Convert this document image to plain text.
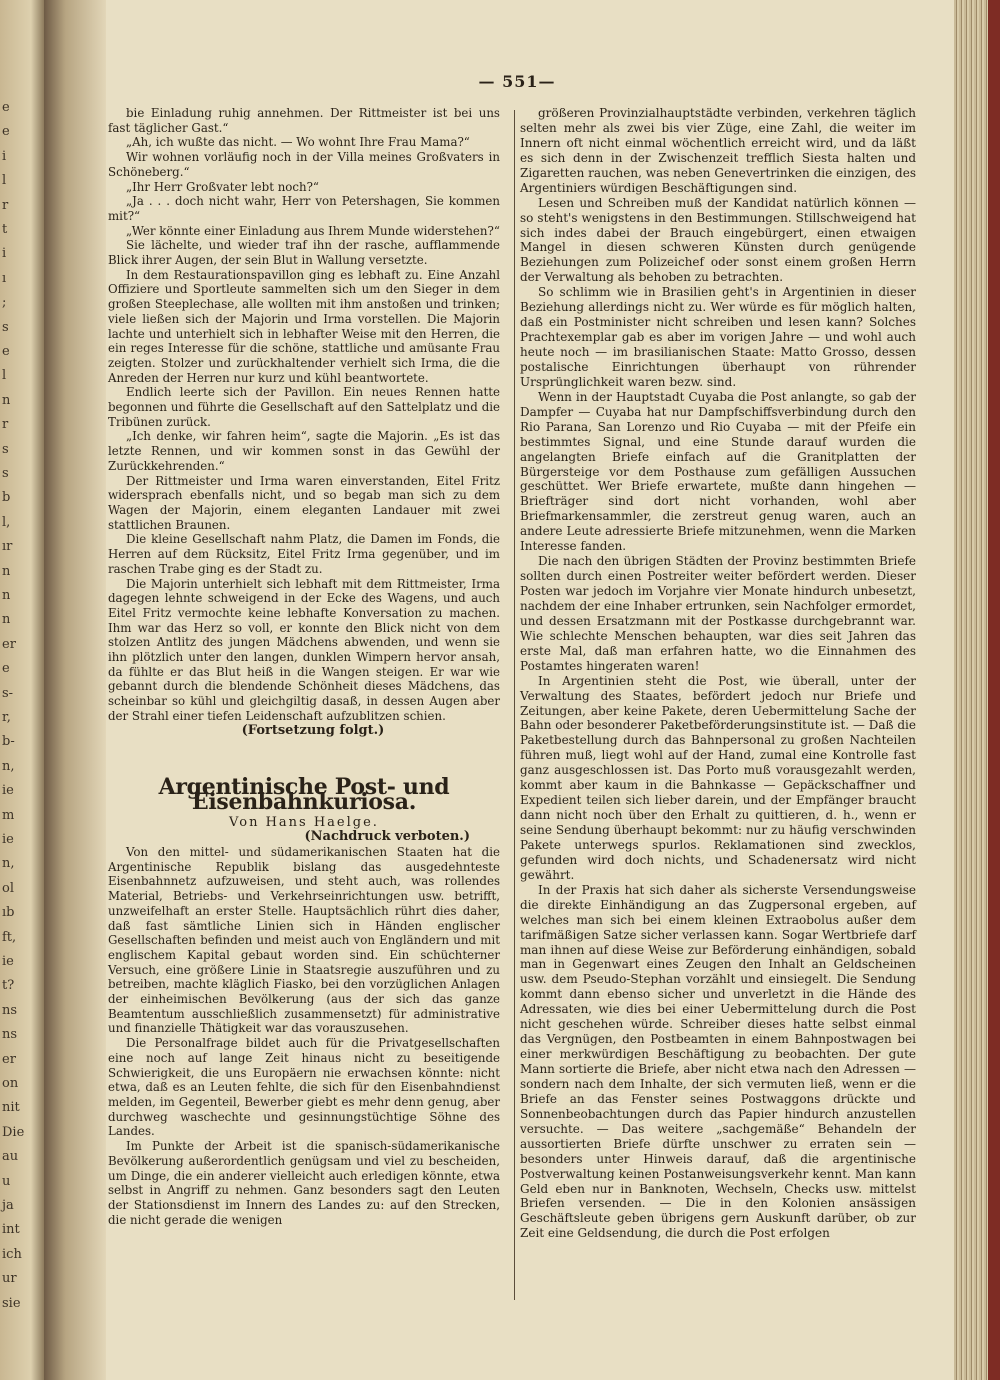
e
e
i
l
r
t
i
ı
;
s
e
l
n
r
s
s
b
l,
ır
n
n
n
er
e
s-
r,
b-
n,
ie
m
ie
n,
ol
ıb
ft,
ie
t?
ns
ns
er
on
nit
Die
au
u
ja
int
ich
ur
sie
— 551—

bie Einladung ruhig annehmen. Der Rittmeister ist bei uns fast täglicher Gast.“

„Ah, ich wußte das nicht. — Wo wohnt Ihre Frau Mama?“

Wir wohnen vorläufig noch in der Villa meines Großvaters in Schöneberg.“

„Ihr Herr Großvater lebt noch?“

„Ja . . . doch nicht wahr, Herr von Petershagen, Sie kommen mit?“

„Wer könnte einer Einladung aus Ihrem Munde widerstehen?“

Sie lächelte, und wieder traf ihn der rasche, aufflammende Blick ihrer Augen, der sein Blut in Wallung versetzte.

In dem Restaurationspavillon ging es lebhaft zu. Eine Anzahl Offiziere und Sportleute sammelten sich um den Sieger in dem großen Steeplechase, alle wollten mit ihm anstoßen und trinken; viele ließen sich der Majorin und Irma vorstellen. Die Majorin lachte und unterhielt sich in lebhafter Weise mit den Herren, die ein reges Interesse für die schöne, stattliche und amüsante Frau zeigten. Stolzer und zurückhaltender verhielt sich Irma, die die Anreden der Herren nur kurz und kühl beantwortete.

Endlich leerte sich der Pavillon. Ein neues Rennen hatte begonnen und führte die Gesellschaft auf den Sattelplatz und die Tribünen zurück.

„Ich denke, wir fahren heim“, sagte die Majorin. „Es ist das letzte Rennen, und wir kommen sonst in das Gewühl der Zurückkehrenden.“

Der Rittmeister und Irma waren einverstanden, Eitel Fritz widersprach ebenfalls nicht, und so begab man sich zu dem Wagen der Majorin, einem eleganten Landauer mit zwei stattlichen Braunen.

Die kleine Gesellschaft nahm Platz, die Damen im Fonds, die Herren auf dem Rücksitz, Eitel Fritz Irma gegenüber, und im raschen Trabe ging es der Stadt zu.

Die Majorin unterhielt sich lebhaft mit dem Rittmeister, Irma dagegen lehnte schweigend in der Ecke des Wagens, und auch Eitel Fritz vermochte keine lebhafte Konversation zu machen. Ihm war das Herz so voll, er konnte den Blick nicht von dem stolzen Antlitz des jungen Mädchens abwenden, und wenn sie ihn plötzlich unter den langen, dunklen Wimpern hervor ansah, da fühlte er das Blut heiß in die Wangen steigen. Er war wie gebannt durch die blendende Schönheit dieses Mädchens, das scheinbar so kühl und gleichgiltig dasaß, in dessen Augen aber der Strahl einer tiefen Leidenschaft aufzublitzen schien.

(Fortsetzung folgt.)

Argentinische Post- und Eisenbahnkuriosa.
Von Hans Haelge.
(Nachdruck verboten.)

Von den mittel- und südamerikanischen Staaten hat die Argentinische Republik bislang das ausgedehnteste Eisenbahnnetz aufzuweisen, und steht auch, was rollendes Material, Betriebs- und Verkehrseinrichtungen usw. betrifft, unzweifelhaft an erster Stelle. Hauptsächlich rührt dies daher, daß fast sämtliche Linien sich in Händen englischer Gesellschaften befinden und meist auch von Engländern und mit englischem Kapital gebaut worden sind. Ein schüchterner Versuch, eine größere Linie in Staatsregie auszuführen und zu betreiben, machte kläglich Fiasko, bei den vorzüglichen Anlagen der einheimischen Bevölkerung (aus der sich das ganze Beamtentum ausschließlich zusammensetzt) für administrative und finanzielle Thätigkeit war das vorauszusehen.

Die Personalfrage bildet auch für die Privatgesellschaften eine noch auf lange Zeit hinaus nicht zu beseitigende Schwierigkeit, die uns Europäern nie erwachsen könnte: nicht etwa, daß es an Leuten fehlte, die sich für den Eisenbahndienst melden, im Gegenteil, Bewerber giebt es mehr denn genug, aber durchweg waschechte und gesinnungstüchtige Söhne des Landes.

Im Punkte der Arbeit ist die spanisch-südamerikanische Bevölkerung außerordentlich genügsam und viel zu bescheiden, um Dinge, die ein anderer vielleicht auch erledigen könnte, etwa selbst in Angriff zu nehmen. Ganz besonders sagt den Leuten der Stationsdienst im Innern des Landes zu: auf den Strecken, die nicht gerade die wenigen

größeren Provinzialhauptstädte verbinden, verkehren täglich selten mehr als zwei bis vier Züge, eine Zahl, die weiter im Innern oft nicht einmal wöchentlich erreicht wird, und da läßt es sich denn in der Zwischenzeit trefflich Siesta halten und Zigaretten rauchen, was neben Genevertrinken die einzigen, des Argentiniers würdigen Beschäftigungen sind.

Lesen und Schreiben muß der Kandidat natürlich können — so steht's wenigstens in den Bestimmungen. Stillschweigend hat sich indes dabei der Brauch eingebürgert, einen etwaigen Mangel in diesen schweren Künsten durch genügende Beziehungen zum Polizeichef oder sonst einem großen Herrn der Verwaltung als behoben zu betrachten.

So schlimm wie in Brasilien geht's in Argentinien in dieser Beziehung allerdings nicht zu. Wer würde es für möglich halten, daß ein Postminister nicht schreiben und lesen kann? Solches Prachtexemplar gab es aber im vorigen Jahre — und wohl auch heute noch — im brasilianischen Staate: Matto Grosso, dessen postalische Einrichtungen überhaupt von rührender Ursprünglichkeit waren bezw. sind.

Wenn in der Hauptstadt Cuyaba die Post anlangte, so gab der Dampfer — Cuyaba hat nur Dampfschiffsverbindung durch den Rio Parana, San Lorenzo und Rio Cuyaba — mit der Pfeife ein bestimmtes Signal, und eine Stunde darauf wurden die angelangten Briefe einfach auf die Granitplatten der Bürgersteige vor dem Posthause zum gefälligen Aussuchen geschüttet. Wer Briefe erwartete, mußte dann hingehen — Briefträger sind dort nicht vorhanden, wohl aber Briefmarkensammler, die zerstreut genug waren, auch an andere Leute adressierte Briefe mitzunehmen, wenn die Marken Interesse fanden.

Die nach den übrigen Städten der Provinz bestimmten Briefe sollten durch einen Postreiter weiter befördert werden. Dieser Posten war jedoch im Vorjahre vier Monate hindurch unbesetzt, nachdem der eine Inhaber ertrunken, sein Nachfolger ermordet, und dessen Ersatzmann mit der Postkasse durchgebrannt war. Wie schlechte Menschen behaupten, war dies seit Jahren das erste Mal, daß man erfahren hatte, wo die Einnahmen des Postamtes hingeraten waren!

In Argentinien steht die Post, wie überall, unter der Verwaltung des Staates, befördert jedoch nur Briefe und Zeitungen, aber keine Pakete, deren Uebermittelung Sache der Bahn oder besonderer Paketbeförderungsinstitute ist. — Daß die Paketbestellung durch das Bahnpersonal zu großen Nachteilen führen muß, liegt wohl auf der Hand, zumal eine Kontrolle fast ganz ausgeschlossen ist. Das Porto muß vorausgezahlt werden, kommt aber kaum in die Bahnkasse — Gepäckschaffner und Expedient teilen sich lieber darein, und der Empfänger braucht dann nicht noch über den Erhalt zu quittieren, d. h., wenn er seine Sendung überhaupt bekommt: nur zu häufig verschwinden Pakete unterwegs spurlos. Reklamationen sind zwecklos, gefunden wird doch nichts, und Schadenersatz wird nicht gewährt.

In der Praxis hat sich daher als sicherste Versendungsweise die direkte Einhändigung an das Zugpersonal ergeben, auf welches man sich bei einem kleinen Extraobolus außer dem tarifmäßigen Satze sicher verlassen kann. Sogar Wertbriefe darf man ihnen auf diese Weise zur Beförderung einhändigen, sobald man in Gegenwart eines Zeugen den Inhalt an Geldscheinen usw. dem Pseudo-Stephan vorzählt und einsiegelt. Die Sendung kommt dann ebenso sicher und unverletzt in die Hände des Adressaten, wie dies bei einer Uebermittelung durch die Post nicht geschehen würde. Schreiber dieses hatte selbst einmal das Vergnügen, den Postbeamten in einem Bahnpostwagen bei einer merkwürdigen Beschäftigung zu beobachten. Der gute Mann sortierte die Briefe, aber nicht etwa nach den Adressen — sondern nach dem Inhalte, der sich vermuten ließ, wenn er die Briefe an das Fenster seines Postwaggons drückte und Sonnenbeobachtungen durch das Papier hindurch anzustellen versuchte. — Das weitere „sachgemäße“ Behandeln der aussortierten Briefe dürfte unschwer zu erraten sein — besonders unter Hinweis darauf, daß die argentinische Postverwaltung keinen Postanweisungsverkehr kennt. Man kann Geld eben nur in Banknoten, Wechseln, Checks usw. mittelst Briefen versenden. — Die in den Kolonien ansässigen Geschäftsleute geben übrigens gern Auskunft darüber, ob zur Zeit eine Geldsendung, die durch die Post erfolgen
